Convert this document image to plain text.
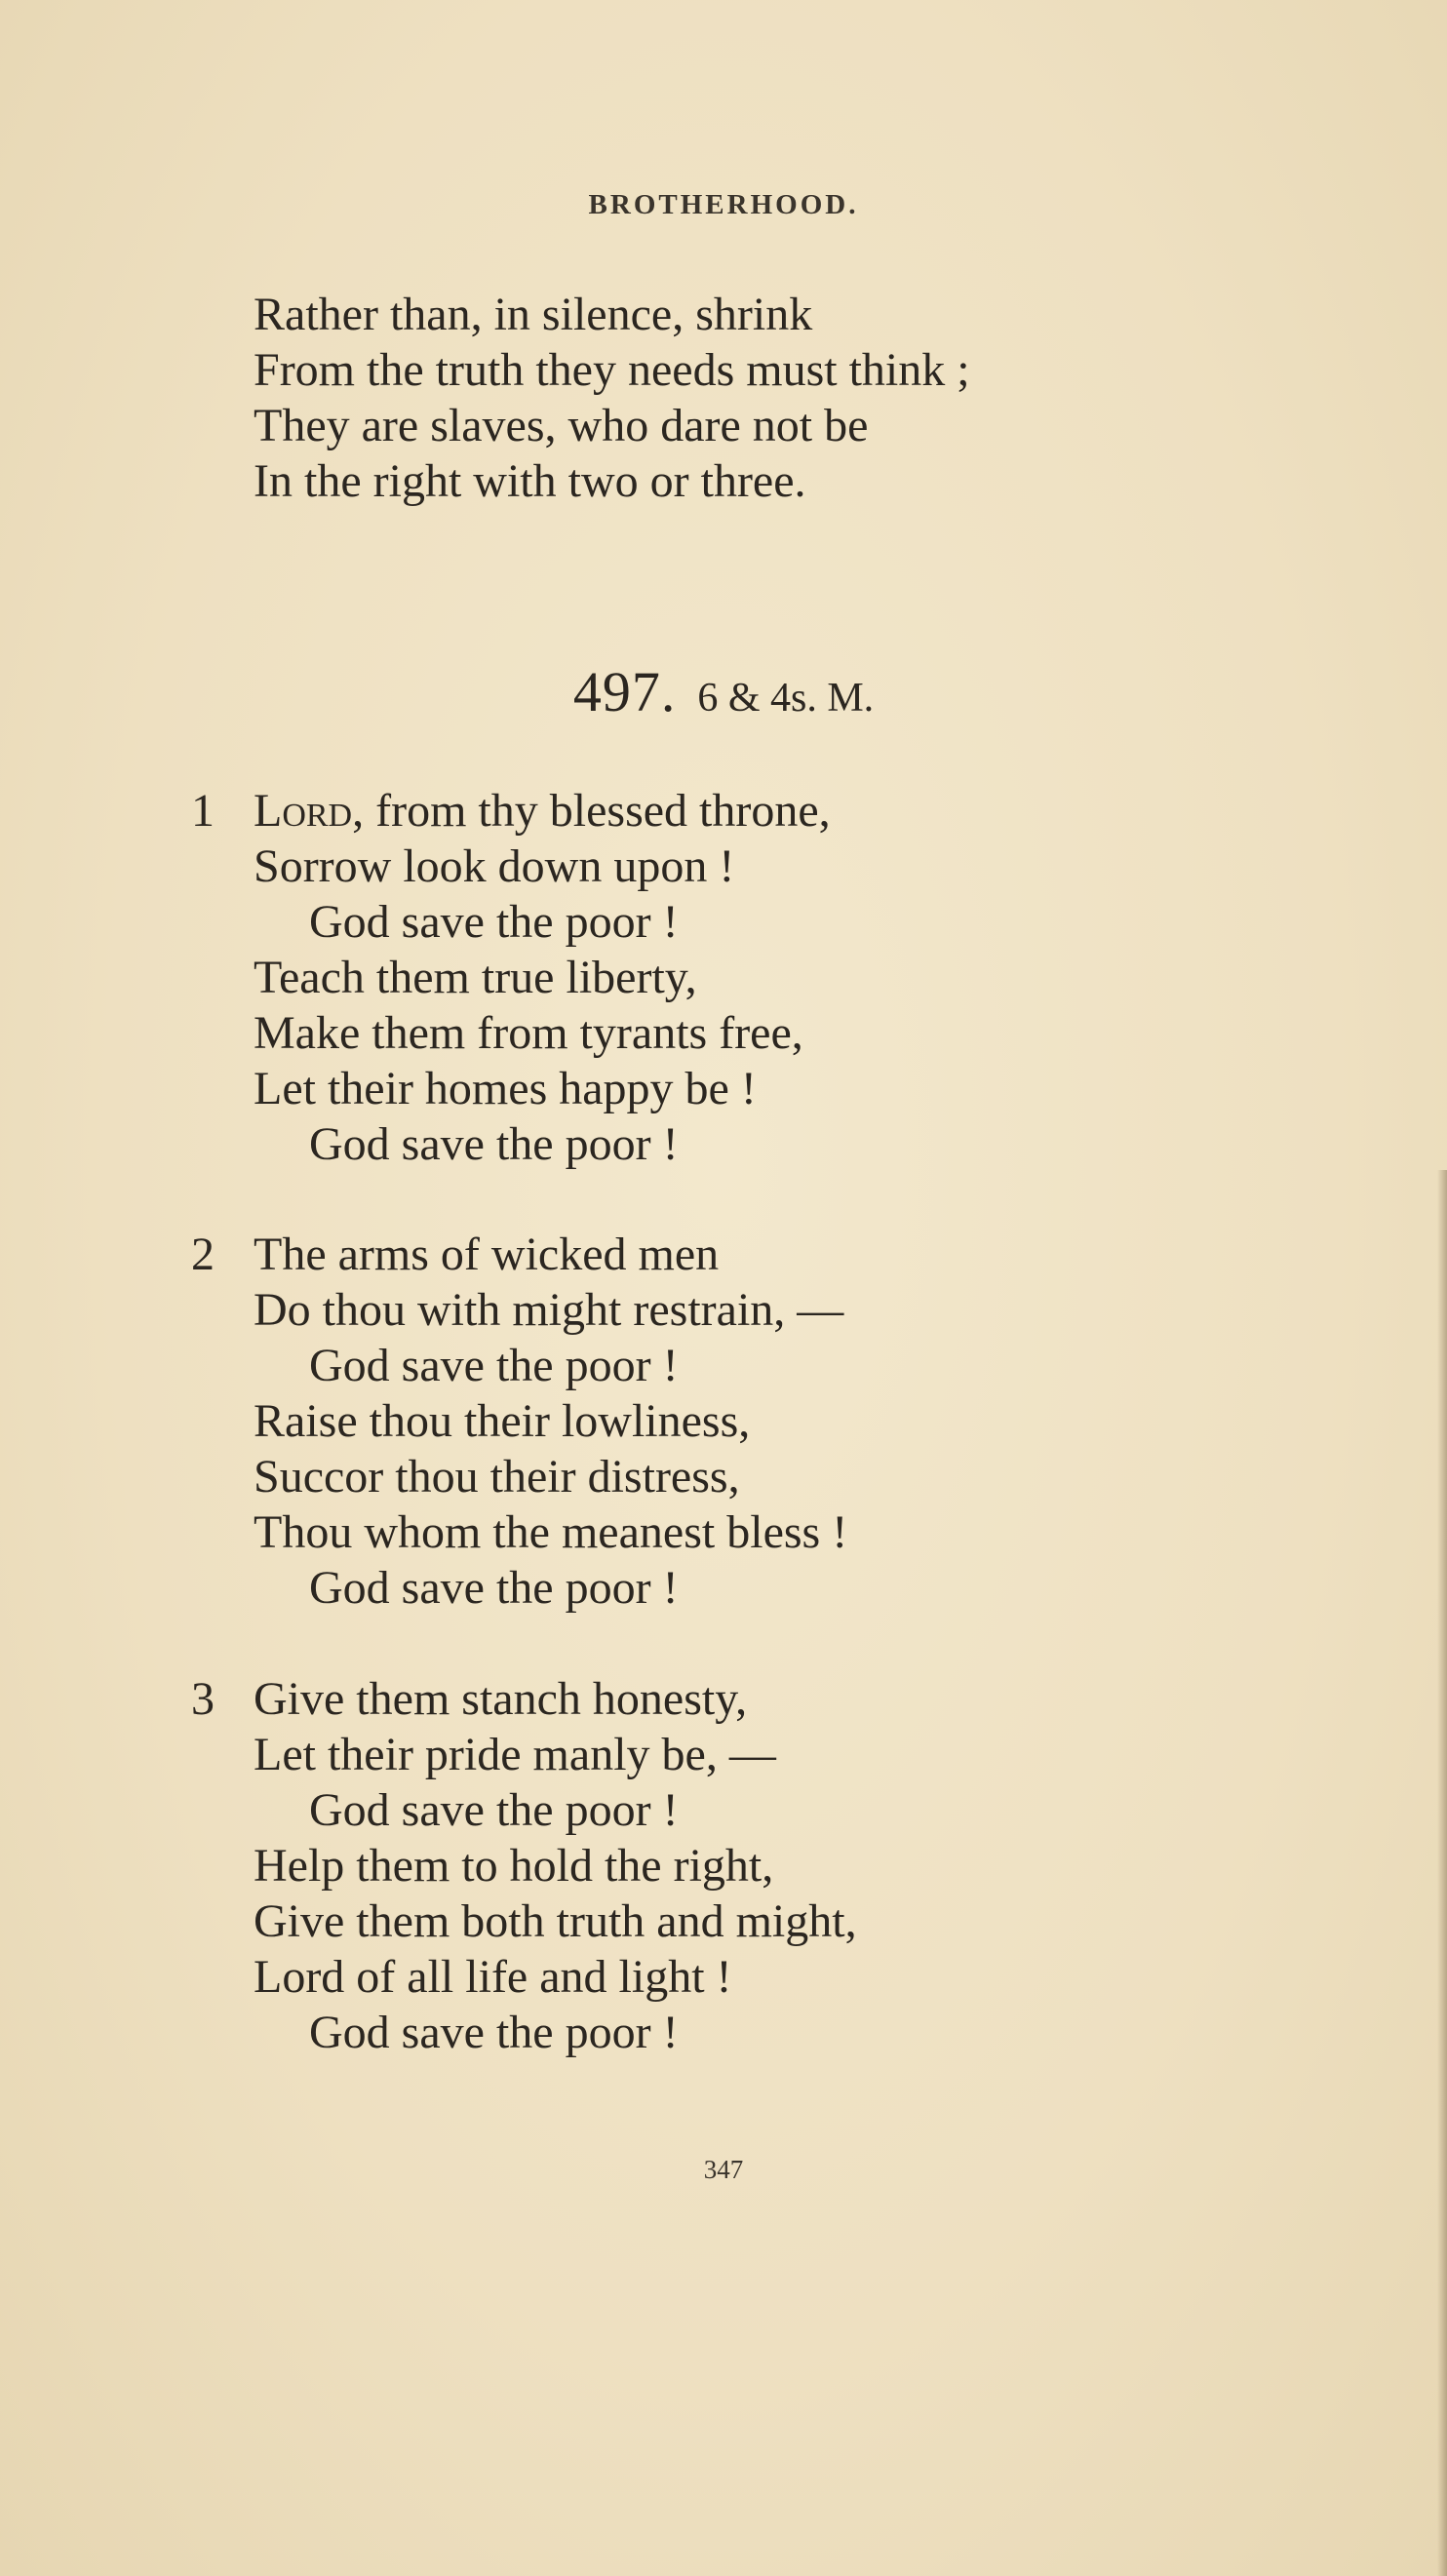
BROTHERHOOD.
Rather than, in silence, shrink
From the truth they needs must think ;
They are slaves, who dare not be
In the right with two or three.
497. 6 & 4s. M.
1 Lord, from thy blessed throne,
Sorrow look down upon !
God save the poor !
Teach them true liberty,
Make them from tyrants free,
Let their homes happy be !
God save the poor !
2 The arms of wicked men
Do thou with might restrain, —
God save the poor !
Raise thou their lowliness,
Succor thou their distress,
Thou whom the meanest bless !
God save the poor !
3 Give them stanch honesty,
Let their pride manly be, —
God save the poor !
Help them to hold the right,
Give them both truth and might,
Lord of all life and light !
God save the poor !
347
